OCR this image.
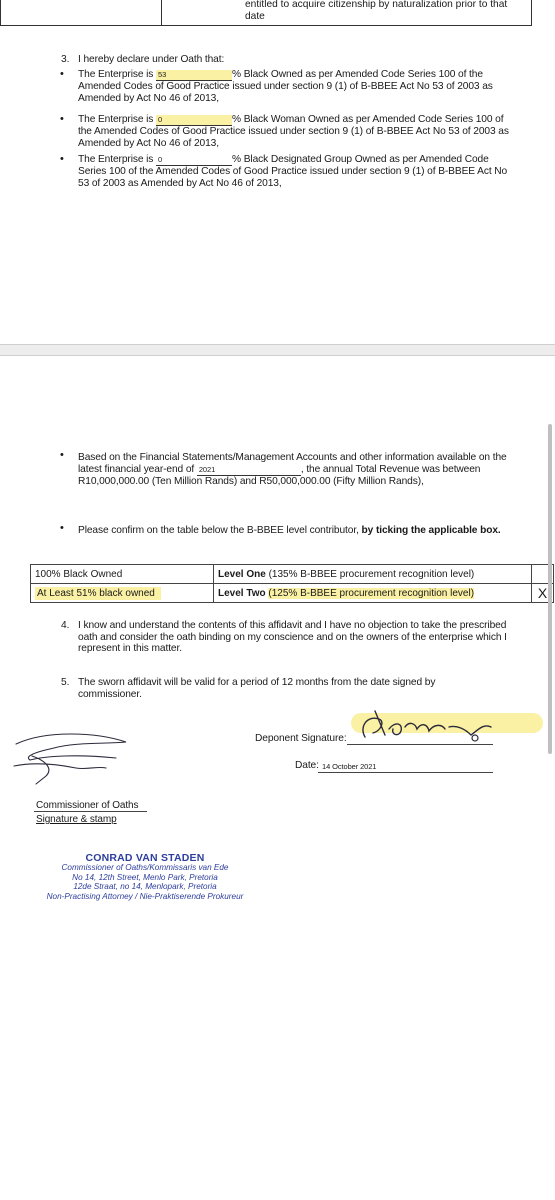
entitled to acquire citizenship by naturalization prior to that date
3. I hereby declare under Oath that:
• The Enterprise is 53	% Black Owned as per Amended Code Series 100 of the Amended Codes of Good Practice issued under section 9 (1) of B-BBEE Act No 53 of 2003 as Amended by Act No 46 of 2013,
• The Enterprise is 0	% Black Woman Owned as per Amended Code Series 100 of the Amended Codes of Good Practice issued under section 9 (1) of B-BBEE Act No 53 of 2003 as Amended by Act No 46 of 2013,
• The Enterprise is 0	% Black Designated Group Owned as per Amended Code Series 100 of the Amended Codes of Good Practice issued under section 9 (1) of B-BBEE Act No 53 of 2003 as Amended by Act No 46 of 2013,
• Based on the Financial Statements/Management Accounts and other information available on the latest financial year-end of 2021	, the annual Total Revenue was between R10,000,000.00 (Ten Million Rands) and R50,000,000.00 (Fifty Million Rands),
• Please confirm on the table below the B-BBEE level contributor, by ticking the applicable box.
100% Black Owned	Level One (135% B-BBEE procurement recognition level)	
At Least 51% black owned	Level Two (125% B-BBEE procurement recognition level)	X
4. I know and understand the contents of this affidavit and I have no objection to take the prescribed oath and consider the oath binding on my conscience and on the owners of the enterprise which I represent in this matter.
5. The sworn affidavit will be valid for a period of 12 months from the date signed by commissioner.
Deponent Signature:
Date: 14 October 2021
Commissioner of Oaths
Signature & stamp
CONRAD VAN STADEN
Commissioner of Oaths/Kommissaris van Ede
No 14, 12th Street, Menlo Park, Pretoria
12de Straat, no 14, Menlopark, Pretoria
Non-Practising Attorney / Nie-Praktiserende Prokureur
